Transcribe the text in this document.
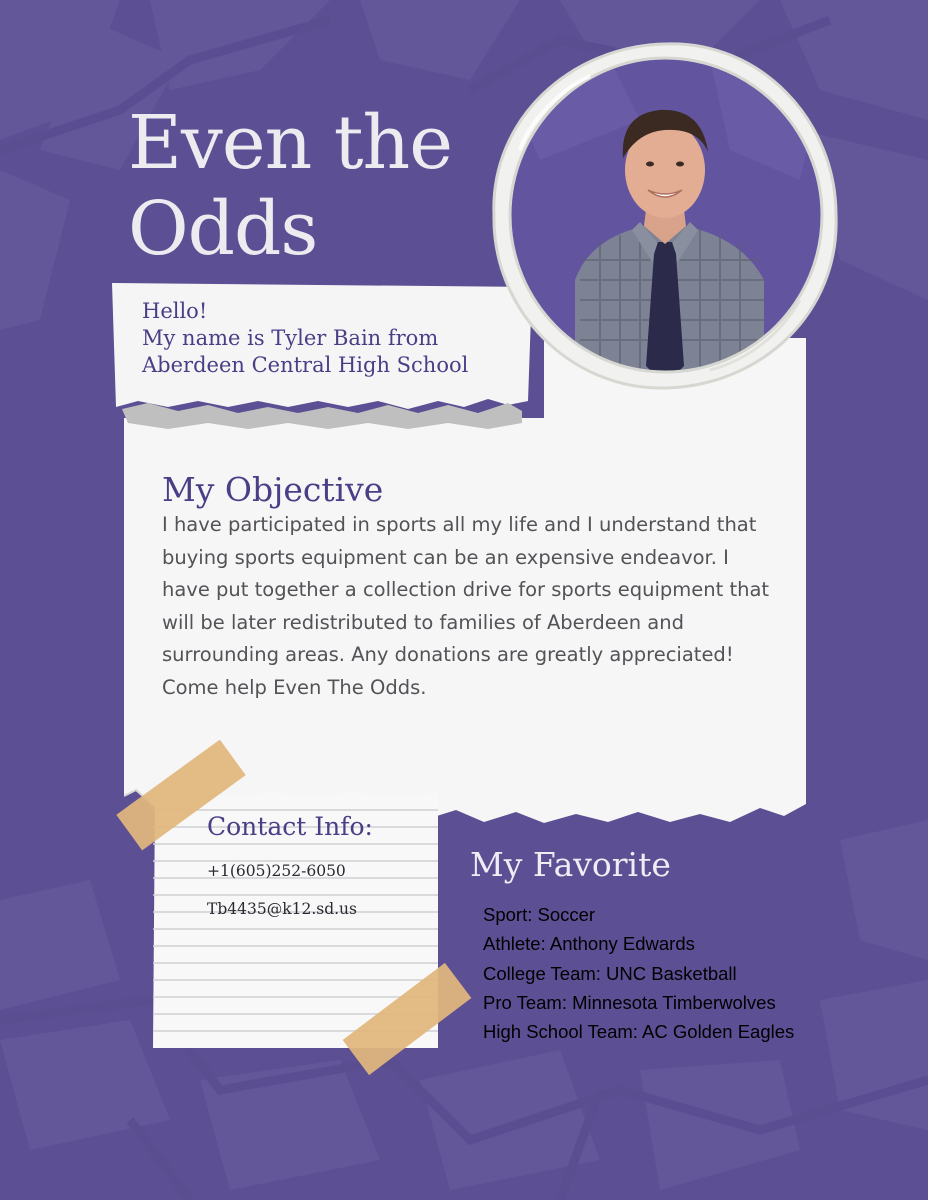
Even the
Odds
Hello!
My name is Tyler Bain from
Aberdeen Central High School
My Objective

I have participated in sports all my life and I understand that buying sports equipment can be an expensive endeavor. I have put together a collection drive for sports equipment that will be later redistributed to families of Aberdeen and surrounding areas. Any donations are greatly appreciated! Come help Even The Odds.

Contact Info:

+1(605)252-6050

Tb4435@k12.sd.us

My Favorite
Sport: Soccer
Athlete: Anthony Edwards
College Team: UNC Basketball
Pro Team: Minnesota Timberwolves
High School Team: AC Golden Eagles
